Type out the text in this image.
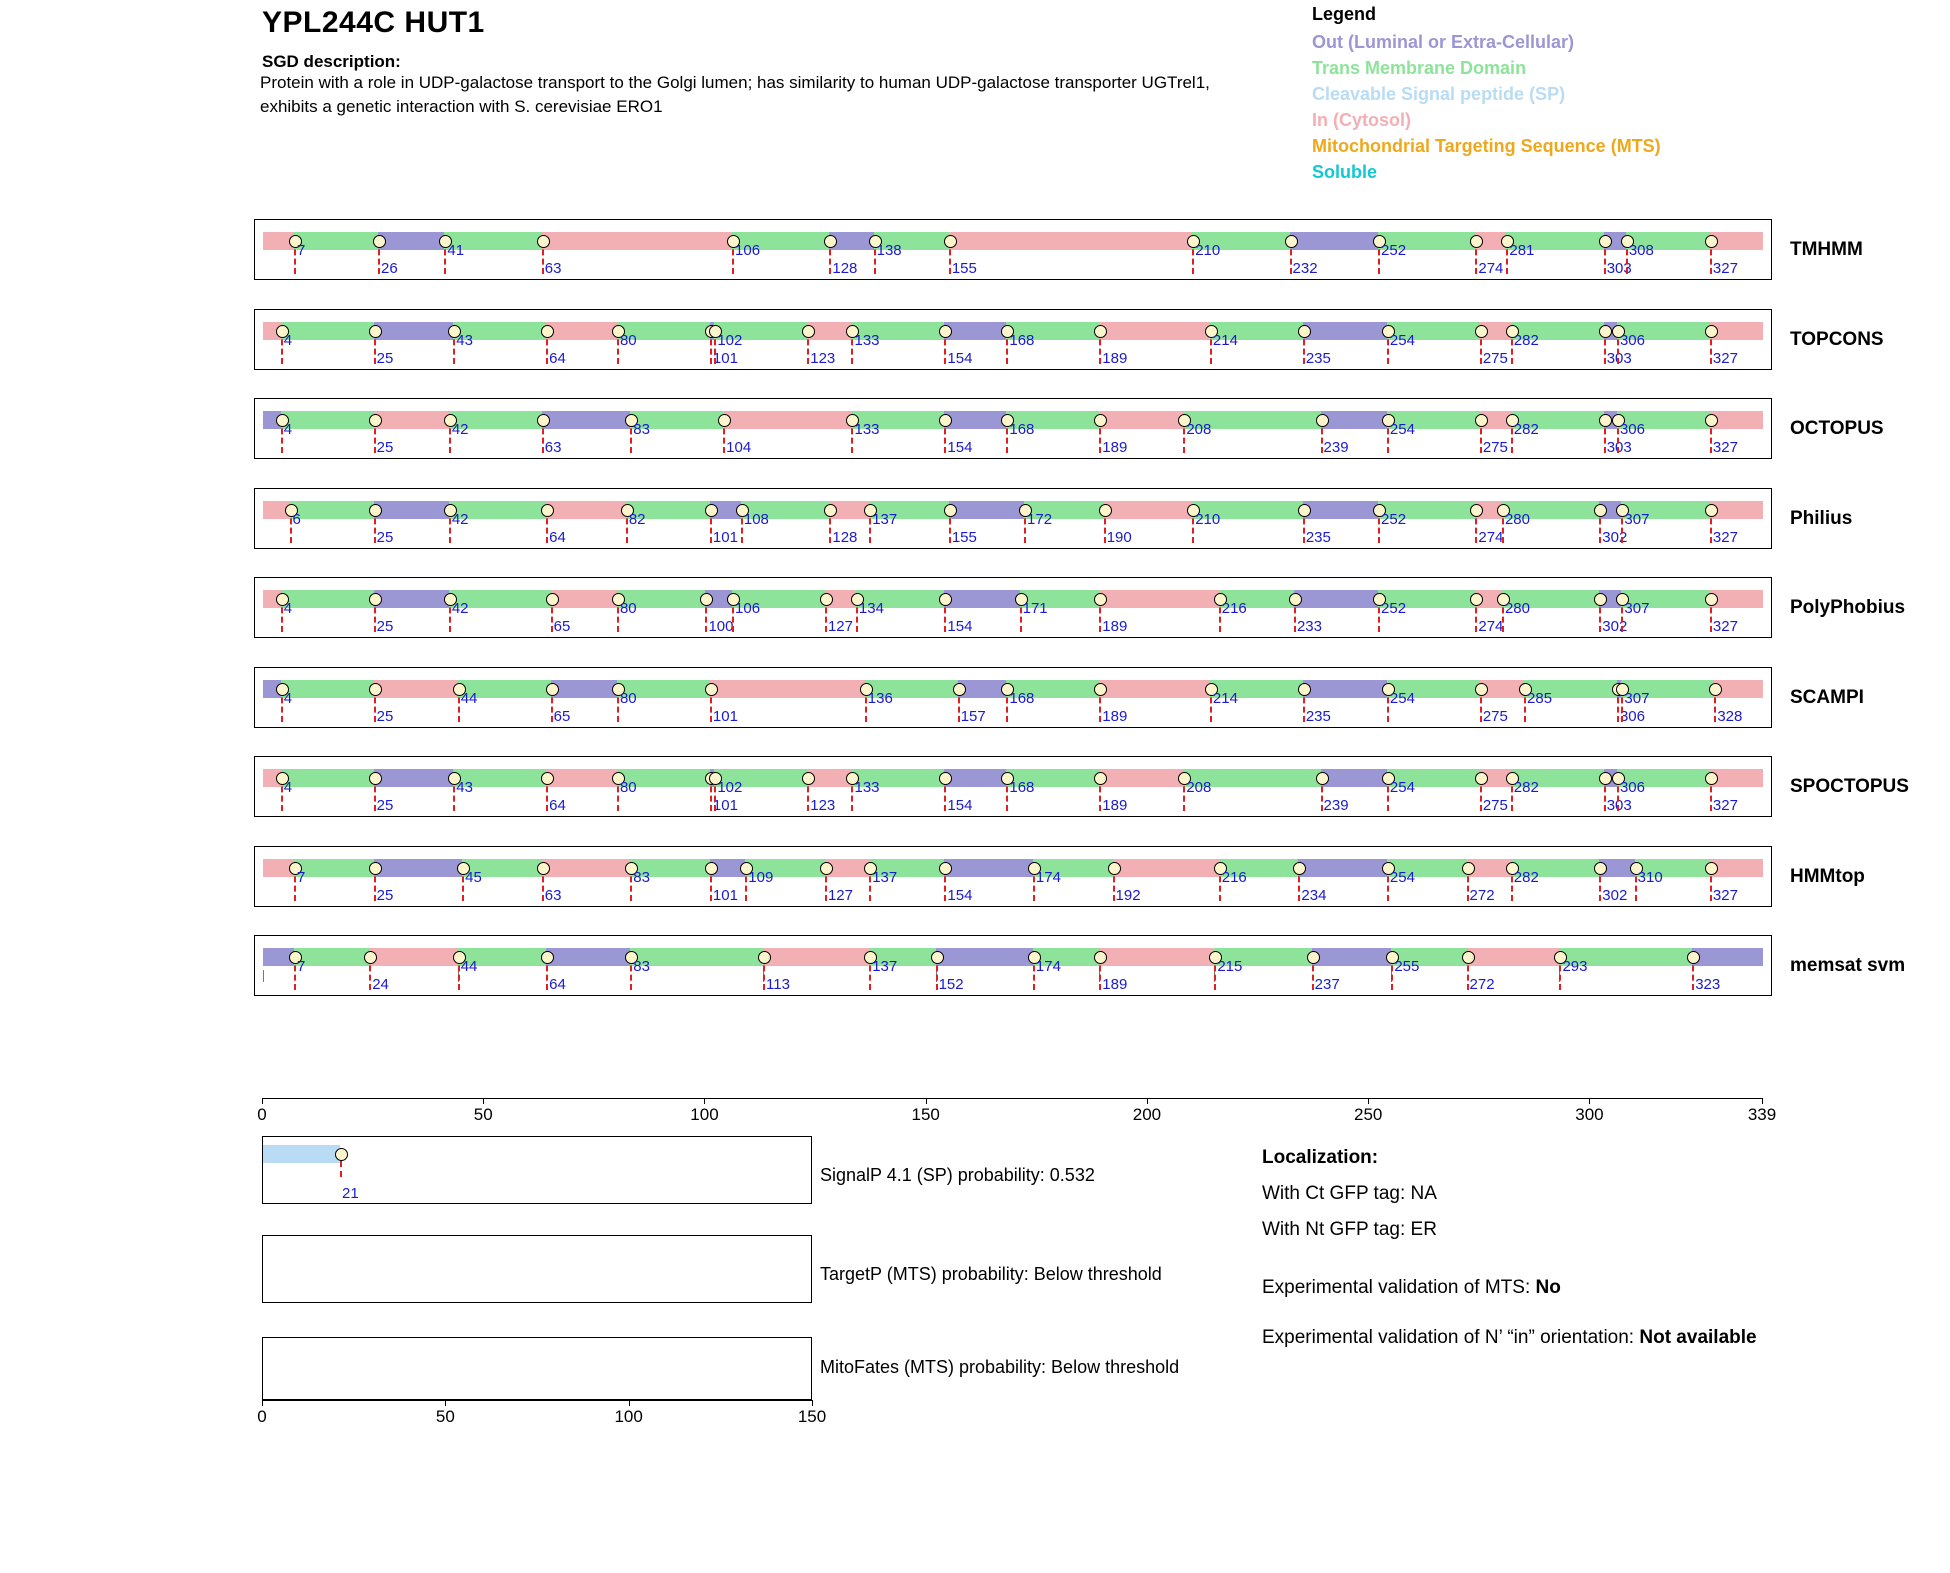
YPL244C HUT1
SGD description:
Protein with a role in UDP-galactose transport to the Golgi lumen; has similarity to human UDP-galactose transporter UGTrel1, exhibits a genetic interaction with S. cerevisiae ERO1
Legend
Out (Luminal or Extra-Cellular)
Trans Membrane Domain
Cleavable Signal peptide (SP)
In (Cytosol)
Mitochondrial Targeting Sequence (MTS)
Soluble
7
26
41
63
106
128
138
155
210
232
252
274
281
303
308
327
4
25
43
64
80
101
102
123
133
154
168
189
214
235
254
275
282
303
306
327
4
25
42
63
83
104
133
154
168
189
208
239
254
275
282
303
306
327
6
25
42
64
82
101
108
128
137
155
172
190
210
235
252
274
280
302
307
327
4
25
42
65
80
100
106
127
134
154
171
189
216
233
252
274
280
302
307
327
4
25
44
65
80
101
136
157
168
189
214
235
254
275
285
306
307
328
4
25
43
64
80
101
102
123
133
154
168
189
208
239
254
275
282
303
306
327
7
25
45
63
83
101
109
127
137
154
174
192
216
234
254
272
282
302
310
327
7
24
44
64
83
113
137
152
174
189
215
237
255
272
293
323
0	50	100	150	200	250	300	339
21
SignalP 4.1 (SP) probability: 0.532
TargetP (MTS) probability: Below threshold
MitoFates (MTS) probability: Below threshold
0	50	100	150
Localization:
With Ct GFP tag: NA
With Nt GFP tag: ER
Experimental validation of MTS: No
Experimental validation of N’ “in” orientation: Not available
TMHMM
TOPCONS
OCTOPUS
Philius
PolyPhobius
SCAMPI
SPOCTOPUS
HMMtop
memsat svm
